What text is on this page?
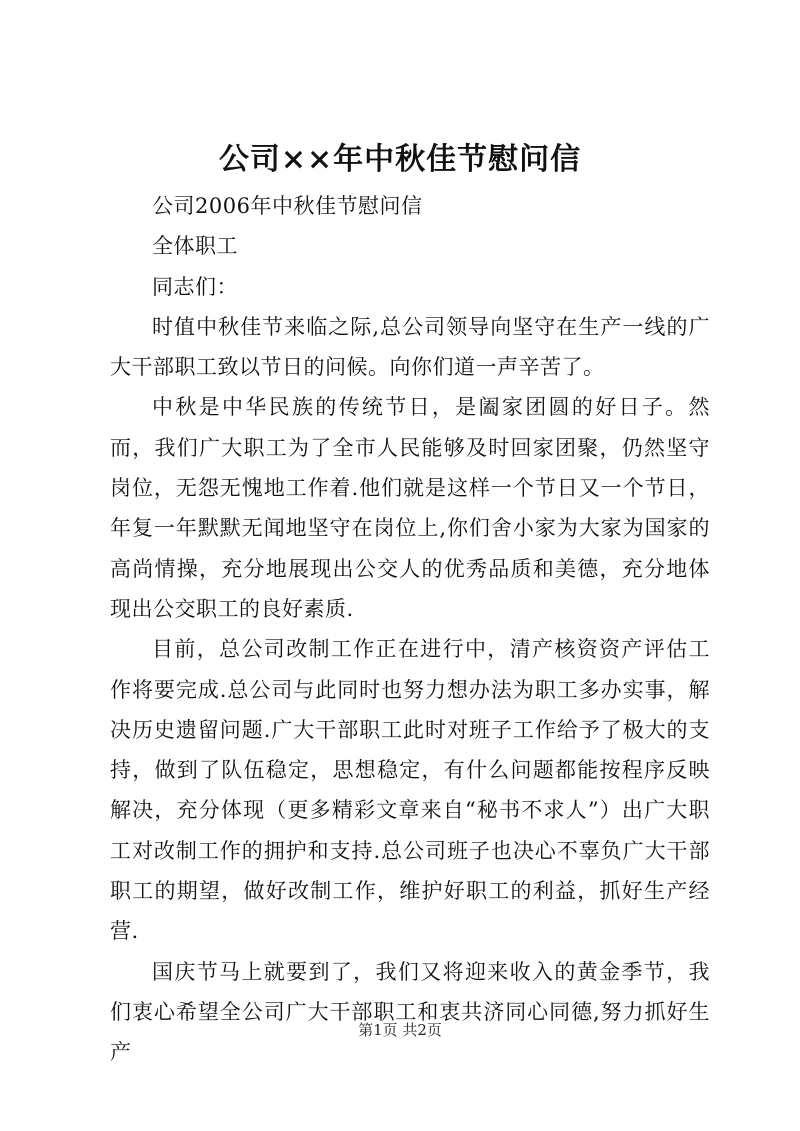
公司××年中秋佳节慰问信

公司2006年中秋佳节慰问信

全体职工

同志们：

时值中秋佳节来临之际,总公司领导向坚守在生产一线的广大干部职工致以节日的问候。向你们道一声辛苦了。

中秋是中华民族的传统节日，是阖家团圆的好日子。然而，我们广大职工为了全市人民能够及时回家团聚，仍然坚守岗位，无怨无愧地工作着.他们就是这样一个节日又一个节日，年复一年默默无闻地坚守在岗位上,你们舍小家为大家为国家的高尚情操，充分地展现出公交人的优秀品质和美德，充分地体现出公交职工的良好素质.

目前，总公司改制工作正在进行中，清产核资资产评估工作将要完成.总公司与此同时也努力想办法为职工多办实事，解决历史遗留问题.广大干部职工此时对班子工作给予了极大的支持，做到了队伍稳定，思想稳定，有什么问题都能按程序反映解决，充分体现（更多精彩文章来自“秘书不求人”）出广大职工对改制工作的拥护和支持.总公司班子也决心不辜负广大干部职工的期望，做好改制工作，维护好职工的利益，抓好生产经营.

国庆节马上就要到了，我们又将迎来收入的黄金季节，我们衷心希望全公司广大干部职工和衷共济同心同德,努力抓好生产

第1页 共2页
